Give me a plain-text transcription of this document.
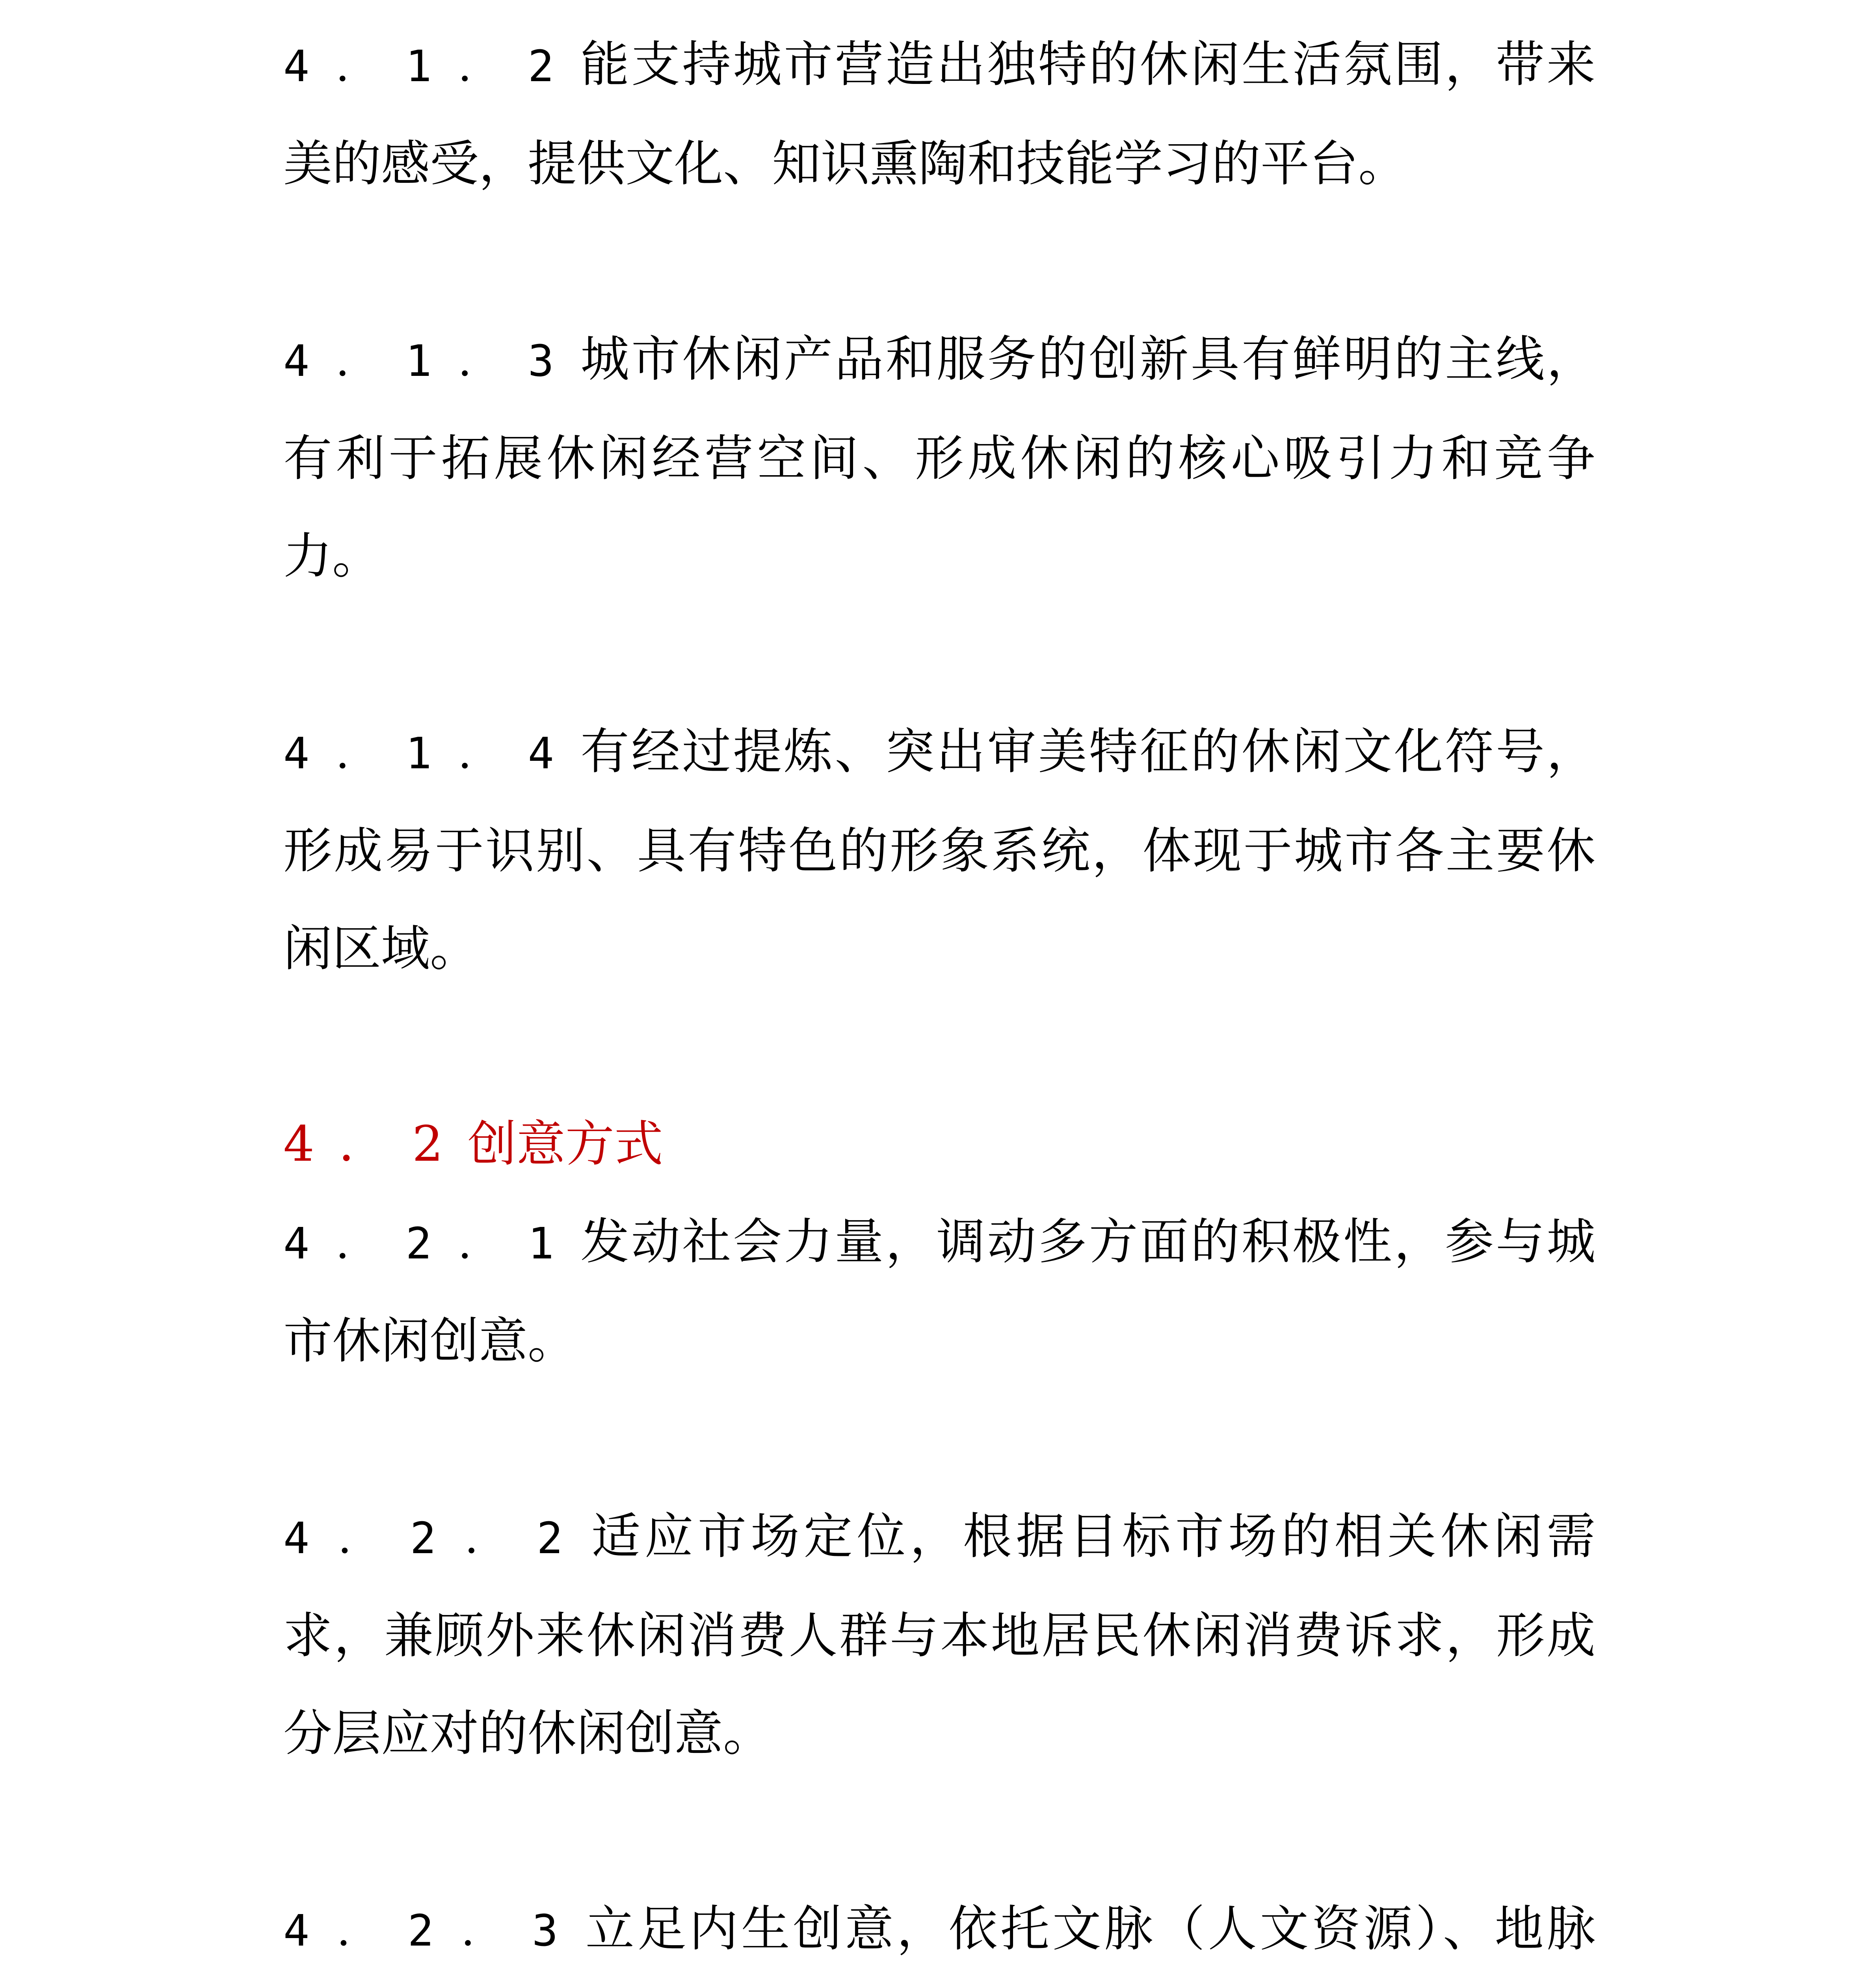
4．1．2能支持城市营造出独特的休闲生活氛围，带来美的感受，提供文化、知识熏陶和技能学习的平台。

4．1．3城市休闲产品和服务的创新具有鲜明的主线，有利于拓展休闲经营空间、形成休闲的核心吸引力和竞争力。

4．1．4有经过提炼、突出审美特征的休闲文化符号，形成易于识别、具有特色的形象系统，体现于城市各主要休闲区域。

4．2创意方式

4．2．1发动社会力量，调动多方面的积极性，参与城市休闲创意。

4．2．2适应市场定位，根据目标市场的相关休闲需求，兼顾外来休闲消费人群与本地居民休闲消费诉求，形成分层应对的休闲创意。

4．2．3立足内生创意，依托文脉（人文资源）、地脉
